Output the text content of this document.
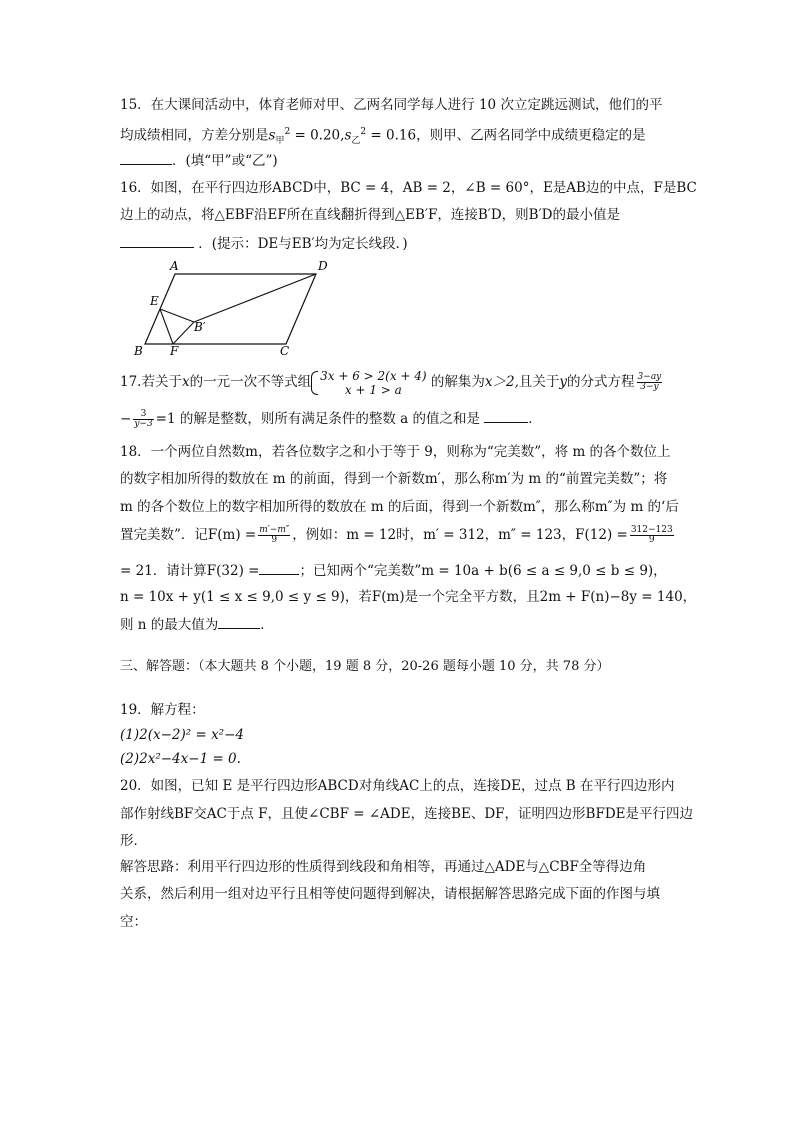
15．在大课间活动中，体育老师对甲、乙两名同学每人进行 10 次立定跳远测试，他们的平
均成绩相同，方差分别是$s_甲^2 = 0.20,s_乙^2 = 0.16$，则甲、乙两名同学中成绩更稳定的是
．(填“甲”或“乙”)
16．如图，在平行四边形ABCD中，BC = 4，AB = 2，∠B = 60°，E是AB边的中点，F是BC
边上的动点，将△EBF沿EF所在直线翻折得到△EB′F，连接B′D，则B′D的最小值是
．(提示：DE与EB′均为定长线段．)
A	D
E
B′
B F	C
17.若关于x的一元一次不等式组 3x + 6 > 2(x + 4)
x + 1 > a	的解集为x＞2,且关于y的分式方程 $\frac{3-ay}{3-y}$
− $\frac{3}{y-3} =1$ 的解是整数，则所有满足条件的整数 a 的值之和是	．
18．一个两位自然数m，若各位数字之和小于等于 9，则称为“完美数”，将 m 的各个数位上
的数字相加所得的数放在 m 的前面，得到一个新数m′，那么称m′为 m 的“前置完美数”；将
m 的各个数位上的数字相加所得的数放在 m 的后面，得到一个新数m″，那么称m″为 m 的‘后
置完美数”．记$F(m) = \frac{m'-m''}{9}$ ，例如：m = 12时，m′ = 312，m″ = 123，$F(12) = \frac{312-123}{9}$
= 21．请计算F(32) =	；已知两个“完美数”m = 10a + b(6 ≤ a ≤ 9,0 ≤ b ≤ 9)，
n = 10x + y(1 ≤ x ≤ 9,0 ≤ y ≤ 9)，若F(m)是一个完全平方数，且2m + F(n)−8y = 140，
则 n 的最大值为	．
三、解答题：（本大题共 8 个小题，19 题 8 分，20-26 题每小题 10 分，共 78 分）
19．解方程：
(1)2(x−2)² = x²−4
(2)2x²−4x−1 = 0.
20．如图，已知 E 是平行四边形ABCD对角线AC上的点，连接DE，过点 B 在平行四边形内
部作射线BF交AC于点 F，且使∠CBF = ∠ADE，连接BE、DF，证明四边形BFDE是平行四边
形．
解答思路：利用平行四边形的性质得到线段和角相等，再通过△ADE与△CBF全等得边角
关系，然后利用一组对边平行且相等使问题得到解决，请根据解答思路完成下面的作图与填
空：
